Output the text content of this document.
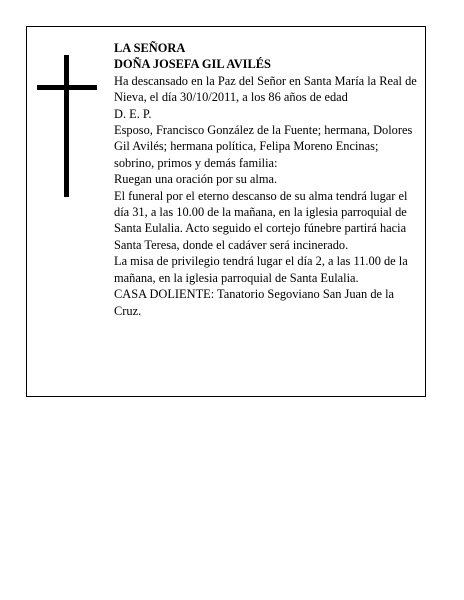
LA SEÑORA

DOÑA JOSEFA GIL AVILÉS

Ha descansado en la Paz del Señor en Santa María la Real de Nieva, el día 30/10/2011, a los 86 años de edad

D. E. P.

Esposo, Francisco González de la Fuente; hermana, Dolores Gil Avilés; hermana política, Felipa Moreno Encinas; sobrino, primos y demás familia:

Ruegan una oración por su alma.

El funeral por el eterno descanso de su alma tendrá lugar el día 31, a las 10.00 de la mañana, en la iglesia parroquial de Santa Eulalia. Acto seguido el cortejo fúnebre partirá hacia Santa Teresa, donde el cadáver será incinerado.

La misa de privilegio tendrá lugar el día 2, a las 11.00 de la mañana, en la iglesia parroquial de Santa Eulalia.

CASA DOLIENTE: Tanatorio Segoviano San Juan de la Cruz.
